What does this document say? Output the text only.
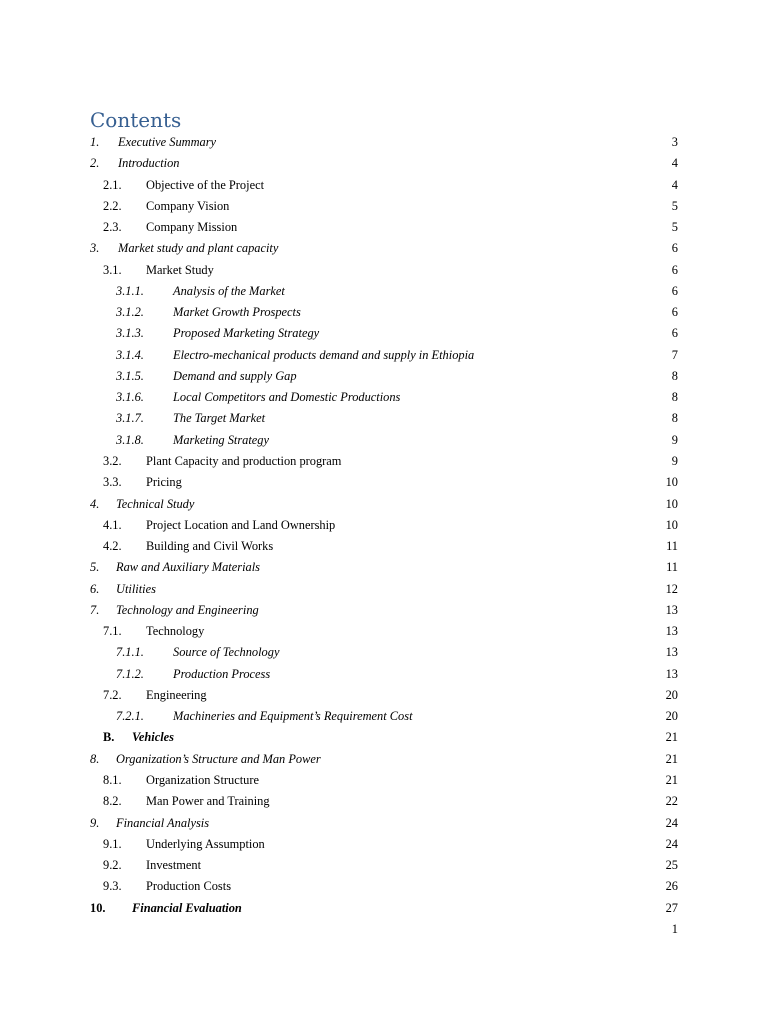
Contents
1.	Executive Summary	3
2.	Introduction	4
2.1.	Objective of the Project	4
2.2.	Company Vision	5
2.3.	Company Mission	5
3.	Market study and plant capacity	6
3.1.	Market Study	6
3.1.1.	Analysis of the Market	6
3.1.2.	Market Growth Prospects	6
3.1.3.	Proposed Marketing Strategy	6
3.1.4.	Electro-mechanical products demand and supply in Ethiopia	7
3.1.5.	Demand and supply Gap	8
3.1.6.	Local Competitors and Domestic Productions	8
3.1.7.	The Target Market	8
3.1.8.	Marketing Strategy	9
3.2.	Plant Capacity and production program	9
3.3.	Pricing	10
4.	Technical Study	10
4.1.	Project Location and Land Ownership	10
4.2.	Building and Civil Works	11
5.	Raw and Auxiliary Materials	11
6.	Utilities	12
7.	Technology and Engineering	13
7.1.	Technology	13
7.1.1.	Source of Technology	13
7.1.2.	Production Process	13
7.2.	Engineering	20
7.2.1.	Machineries and Equipment’s Requirement Cost	20
B.	Vehicles	21
8.	Organization’s Structure and Man Power	21
8.1.	Organization Structure	21
8.2.	Man Power and Training	22
9.	Financial Analysis	24
9.1.	Underlying Assumption	24
9.2.	Investment	25
9.3.	Production Costs	26
10.	Financial Evaluation	27
1
